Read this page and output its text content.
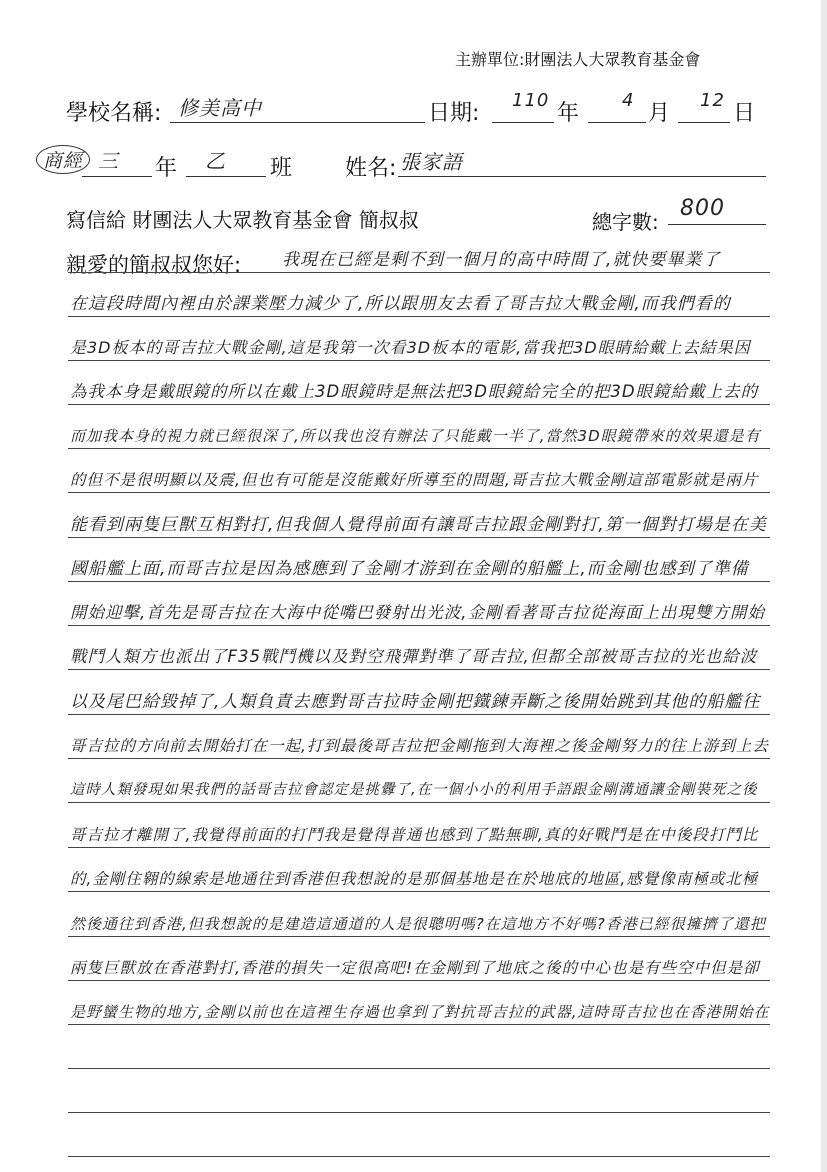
主辦單位:財團法人大眾教育基金會
學校名稱: 修美高中	日期:
110
年
4
月
12
日
商經 三 年 乙 班 姓名: 張家語
寫信給 財團法人大眾教育基金會 簡叔叔	總字數:
800
親愛的簡叔叔您好: 我現在已經是剩不到一個月的高中時間了,就快要畢業了
在這段時間內裡由於課業壓力減少了,所以跟朋友去看了哥吉拉大戰金剛,而我們看的
是3D板本的哥吉拉大戰金剛,這是我第一次看3D板本的電影,當我把3D眼睛給戴上去結果因
為我本身是戴眼鏡的所以在戴上3D眼鏡時是無法把3D眼鏡給完全的把3D眼鏡給戴上去的
而加我本身的視力就已經很深了,所以我也沒有辦法了只能戴一半了,當然3D眼鏡帶來的效果還是有
的但不是很明顯以及震,但也有可能是沒能戴好所導至的問題,哥吉拉大戰金剛這部電影就是兩片
能看到兩隻巨獸互相對打,但我個人覺得前面有讓哥吉拉跟金剛對打,第一個對打場是在美
國船艦上面,而哥吉拉是因為感應到了金剛才游到在金剛的船艦上,而金剛也感到了準備
開始迎擊,首先是哥吉拉在大海中從嘴巴發射出光波,金剛看著哥吉拉從海面上出現雙方開始
戰鬥人類方也派出了F35戰鬥機以及對空飛彈對準了哥吉拉,但都全部被哥吉拉的光也給波
以及尾巴給毀掉了,人類負責去應對哥吉拉時金剛把鐵鍊弄斷之後開始跳到其他的船艦往
哥吉拉的方向前去開始打在一起,打到最後哥吉拉把金剛拖到大海裡之後金剛努力的往上游到上去
這時人類發現如果我們的話哥吉拉會認定是挑釁了,在一個小小的利用手語跟金剛溝通讓金剛裝死之後
哥吉拉才離開了,我覺得前面的打鬥我是覺得普通也感到了點無聊,真的好戰鬥是在中後段打鬥比
的,金剛住翱的線索是地通往到香港但我想說的是那個基地是在於地底的地區,感覺像南極或北極
然後通往到香港,但我想說的是建造這通道的人是很聰明嗎?在這地方不好嗎?香港已經很擁擠了還把
兩隻巨獸放在香港對打,香港的損失一定很高吧!在金剛到了地底之後的中心也是有些空中但是卻
是野蠻生物的地方,金剛以前也在這裡生存過也拿到了對抗哥吉拉的武器,這時哥吉拉也在香港開始在
